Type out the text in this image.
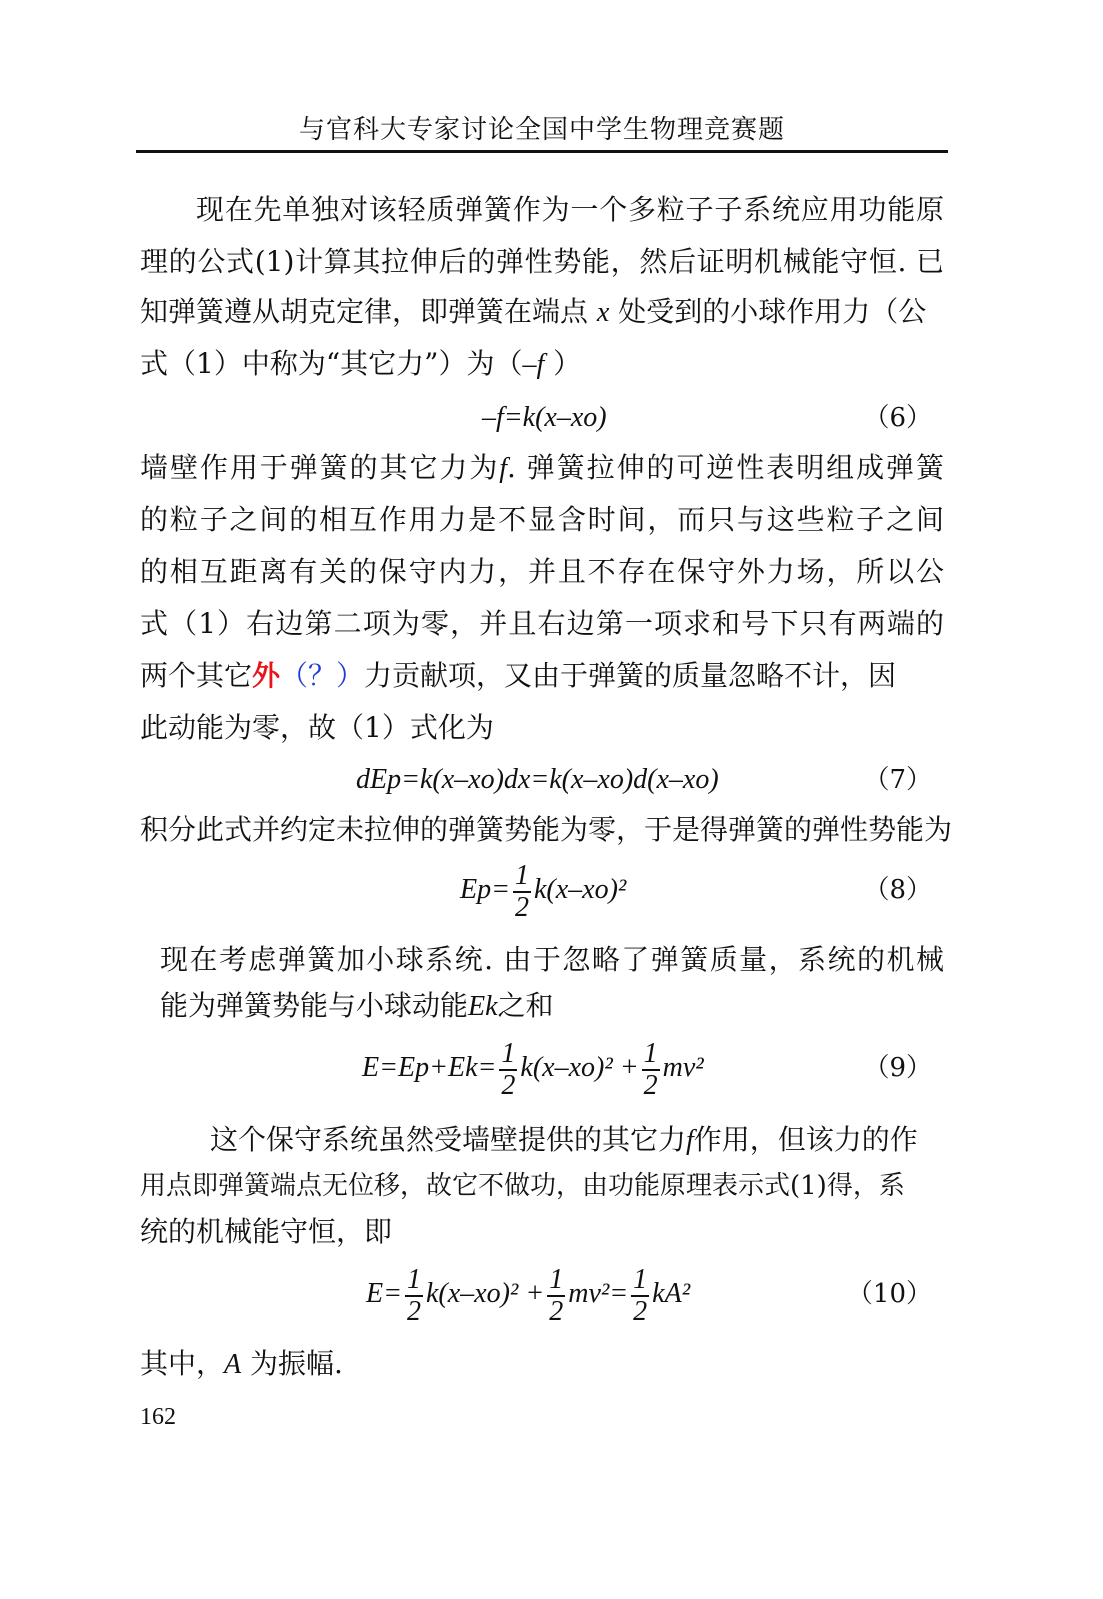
与官科大专家讨论全国中学生物理竞赛题
现在先单独对该轻质弹簧作为一个多粒子子系统应用功能原
理的公式(1)计算其拉伸后的弹性势能，然后证明机械能守恒. 已
知弹簧遵从胡克定律，即弹簧在端点 x 处受到的小球作用力（公
式（1）中称为“其它力”）为（–f ）
–f=k(x–xo)	（6）
墙壁作用于弹簧的其它力为f. 弹簧拉伸的可逆性表明组成弹簧
的粒子之间的相互作用力是不显含时间，而只与这些粒子之间
的相互距离有关的保守内力，并且不存在保守外力场，所以公
式（1）右边第二项为零，并且右边第一项求和号下只有两端的
两个其它外（？）力贡献项，又由于弹簧的质量忽略不计，因
此动能为零，故（1）式化为
dEp=k(x–xo)dx=k(x–xo)d(x–xo)	（7）
积分此式并约定未拉伸的弹簧势能为零，于是得弹簧的弹性势能为
$Ep= \frac{1}{2} k(x-xo)^2$	（8）
现在考虑弹簧加小球系统. 由于忽略了弹簧质量，系统的机械
能为弹簧势能与小球动能Ek之和
$E=Ep+Ek= \frac{1}{2} k(x-xo)^2 + \frac{1}{2} mv^2$	（9）
这个保守系统虽然受墙壁提供的其它力f作用，但该力的作
用点即弹簧端点无位移，故它不做功，由功能原理表示式(1)得，系
统的机械能守恒，即
$E= \frac{1}{2} k(x-xo)^2 + \frac{1}{2} mv^2= \frac{1}{2} kA^2$	（10）
其中，A 为振幅.
162
